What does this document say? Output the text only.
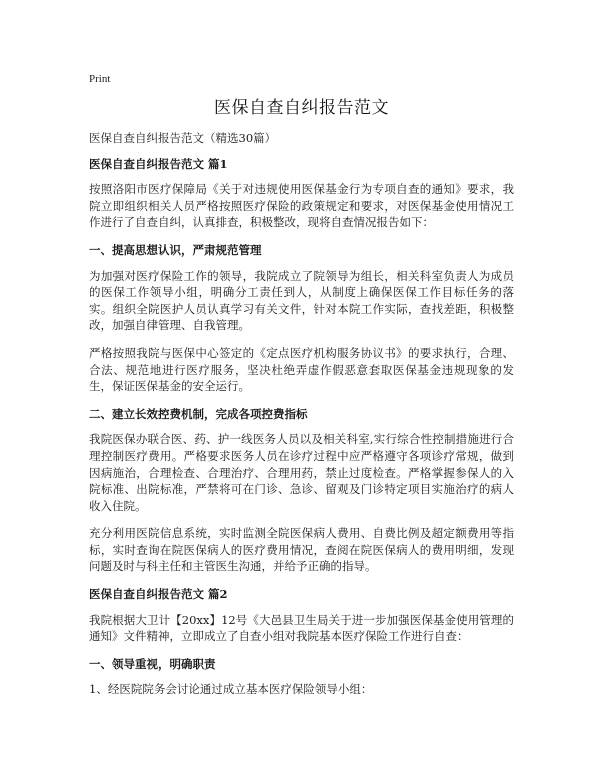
Print
医保自查自纠报告范文

医保自查自纠报告范文（精选30篇）

医保自查自纠报告范文 篇1

按照洛阳市医疗保障局《关于对违规使用医保基金行为专项自查的通知》要求，我院立即组织相关人员严格按照医疗保险的政策规定和要求，对医保基金使用情况工作进行了自查自纠，认真排查，积极整改，现将自查情况报告如下：

一、提高思想认识，严肃规范管理

为加强对医疗保险工作的领导，我院成立了院领导为组长，相关科室负责人为成员的医保工作领导小组，明确分工责任到人，从制度上确保医保工作目标任务的落实。组织全院医护人员认真学习有关文件，针对本院工作实际，查找差距，积极整改，加强自律管理、自我管理。

严格按照我院与医保中心签定的《定点医疗机构服务协议书》的要求执行，合理、合法、规范地进行医疗服务，坚决杜绝弄虚作假恶意套取医保基金违规现象的发生，保证医保基金的安全运行。

二、建立长效控费机制，完成各项控费指标

我院医保办联合医、药、护一线医务人员以及相关科室,实行综合性控制措施进行合理控制医疗费用。严格要求医务人员在诊疗过程中应严格遵守各项诊疗常规，做到因病施治，合理检查、合理治疗、合理用药，禁止过度检查。严格掌握参保人的入院标准、出院标准，严禁将可在门诊、急诊、留观及门诊特定项目实施治疗的病人收入住院。

充分利用医院信息系统，实时监测全院医保病人费用、自费比例及超定额费用等指标，实时查询在院医保病人的医疗费用情况，查阅在院医保病人的费用明细，发现问题及时与科主任和主管医生沟通，并给予正确的指导。

医保自查自纠报告范文 篇2

我院根据大卫计【20xx】12号《大邑县卫生局关于进一步加强医保基金使用管理的通知》文件精神，立即成立了自查小组对我院基本医疗保险工作进行自查：

一、领导重视，明确职责

1、经医院院务会讨论通过成立基本医疗保险领导小组：
